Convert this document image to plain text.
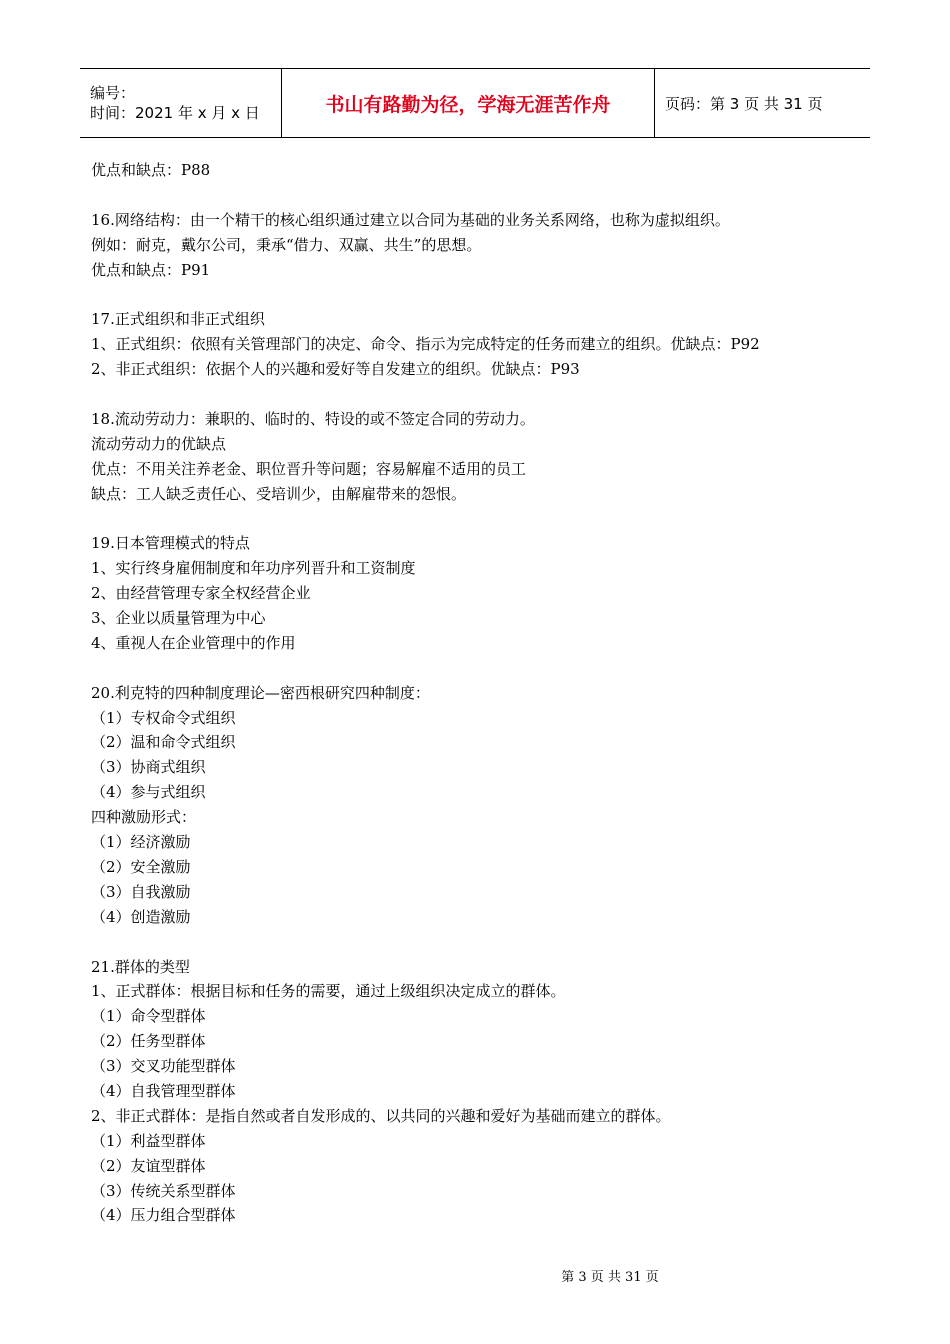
编号：
时间：2021 年 x 月 x 日	书山有路勤为径，学海无涯苦作舟	页码：第 3 页 共 31 页
优点和缺点：P88
16.网络结构：由一个精干的核心组织通过建立以合同为基础的业务关系网络，也称为虚拟组织。
例如：耐克，戴尔公司，秉承“借力、双赢、共生”的思想。
优点和缺点：P91
17.正式组织和非正式组织
1、正式组织：依照有关管理部门的决定、命令、指示为完成特定的任务而建立的组织。优缺点：P92
2、非正式组织：依据个人的兴趣和爱好等自发建立的组织。优缺点：P93
18.流动劳动力：兼职的、临时的、特设的或不签定合同的劳动力。
流动劳动力的优缺点
优点：不用关注养老金、职位晋升等问题；容易解雇不适用的员工
缺点：工人缺乏责任心、受培训少，由解雇带来的怨恨。
19.日本管理模式的特点
1、实行终身雇佣制度和年功序列晋升和工资制度
2、由经营管理专家全权经营企业
3、企业以质量管理为中心
4、重视人在企业管理中的作用
20.利克特的四种制度理论—密西根研究四种制度：
（1）专权命令式组织
（2）温和命令式组织
（3）协商式组织
（4）参与式组织
四种激励形式：
（1）经济激励
（2）安全激励
（3）自我激励
（4）创造激励
21.群体的类型
1、正式群体：根据目标和任务的需要，通过上级组织决定成立的群体。
（1）命令型群体
（2）任务型群体
（3）交叉功能型群体
（4）自我管理型群体
2、非正式群体：是指自然或者自发形成的、以共同的兴趣和爱好为基础而建立的群体。
（1）利益型群体
（2）友谊型群体
（3）传统关系型群体
（4）压力组合型群体
第 3 页 共 31 页
